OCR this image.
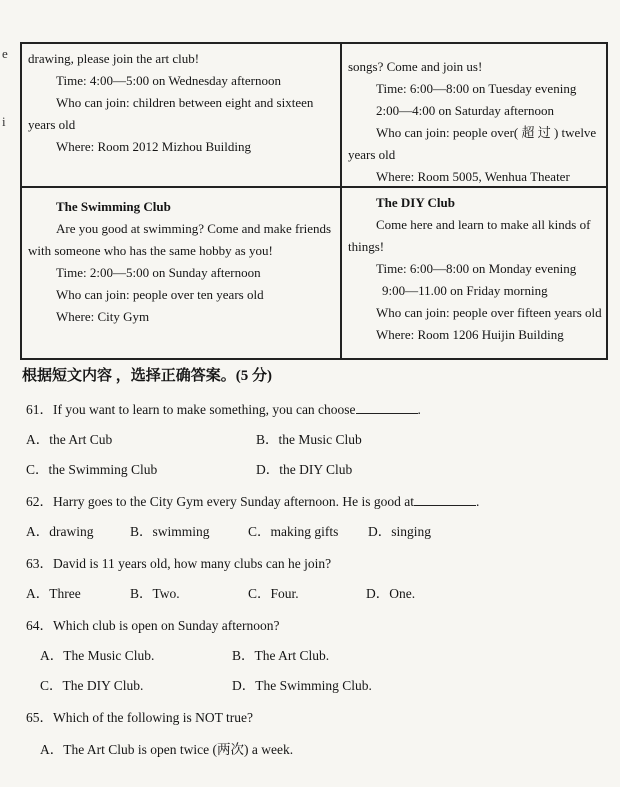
e
i

drawing, please join the art club!

Time: 4:00—5:00 on Wednesday afternoon

Who can join: children between eight and sixteen years old

Where: Room 2012 Mizhou Building

songs? Come and join us!

Time: 6:00—8:00 on Tuesday evening

2:00—4:00 on Saturday afternoon

Who can join: people over( 超 过 ) twelve years old

Where: Room 5005, Wenhua Theater

The Swimming Club

Are you good at swimming? Come and make friends with someone who has the same hobby as you!

Time: 2:00—5:00 on Sunday afternoon

Who can join: people over ten years old

Where: City Gym

The DIY Club

Come here and learn to make all kinds of things!

Time: 6:00—8:00 on Monday evening

9:00—11.00 on Friday morning

Who can join: people over fifteen years old

Where: Room 1206 Huijin Building

根据短文内容 ，选择正确答案。(5 分)
61．If you want to learn to make something, you can choose	.
A．the Art Cub	B．the Music Club
C．the Swimming Club	D．the DIY Club
62．Harry goes to the City Gym every Sunday afternoon. He is good at	.
A．drawing	B．swimming	C．making gifts D．singing
63．David is 11 years old, how many clubs can he join?
A．Three	B．Two.	C．Four.	D．One.
64．Which club is open on Sunday afternoon?
A．The Music Club.	B．The Art Club.
C．The DIY Club.	D．The Swimming Club.
65．Which of the following is NOT true?
A．The Art Club is open twice (两次) a week.
